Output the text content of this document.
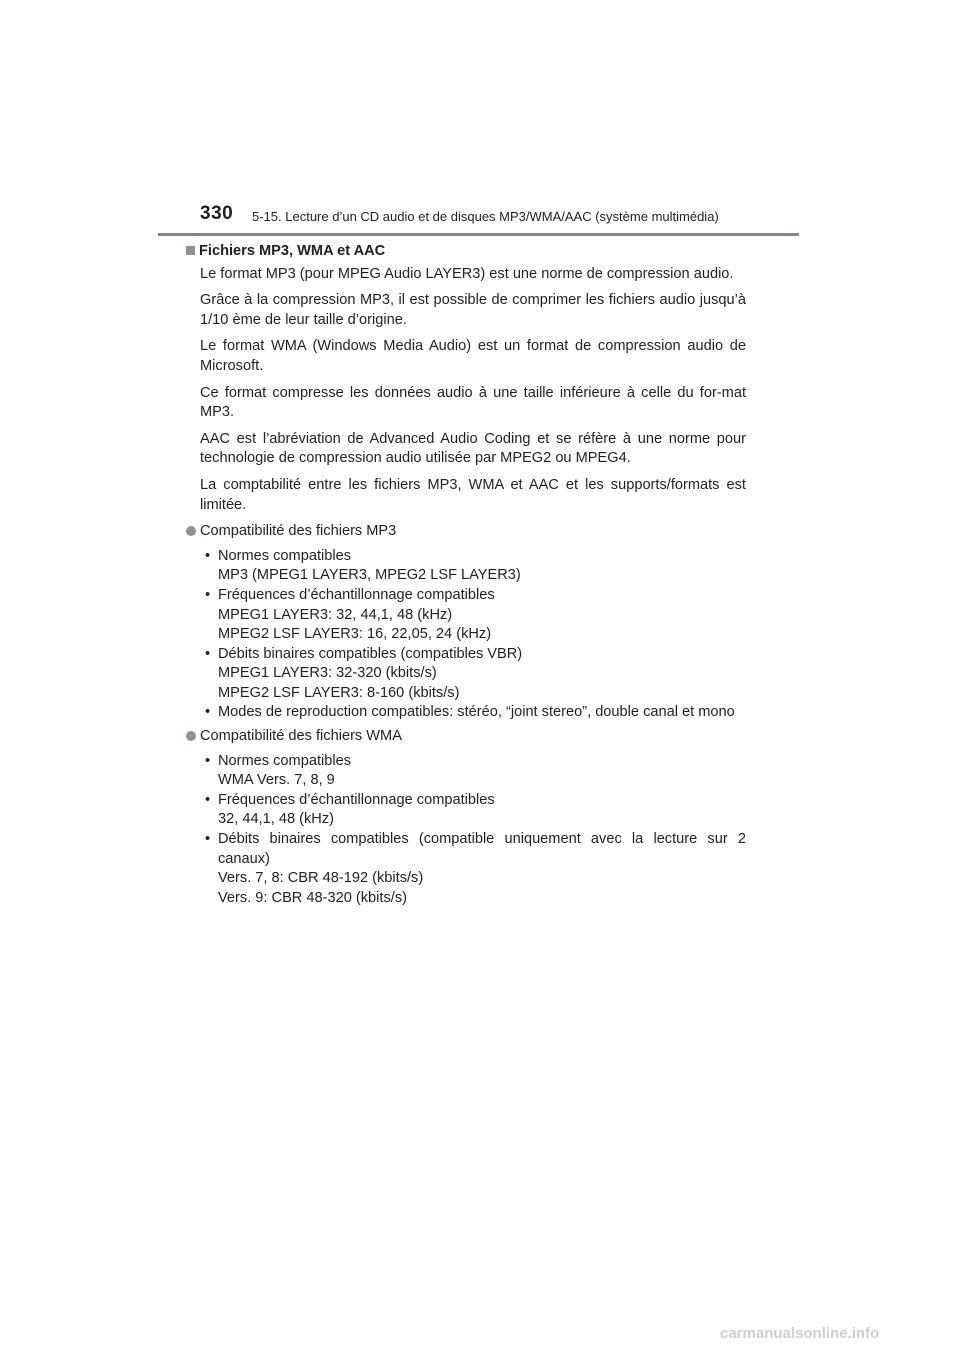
330 5-15. Lecture d’un CD audio et de disques MP3/WMA/AAC (système multimédia)
Fichiers MP3, WMA et AAC

Le format MP3 (pour MPEG Audio LAYER3) est une norme de compression audio.

Grâce à la compression MP3, il est possible de comprimer les fichiers audio jusqu’à 1/10 ème de leur taille d’origine.

Le format WMA (Windows Media Audio) est un format de compression audio de Microsoft.

Ce format compresse les données audio à une taille inférieure à celle du for-mat MP3.

AAC est l’abréviation de Advanced Audio Coding et se réfère à une norme pour technologie de compression audio utilisée par MPEG2 ou MPEG4.

La comptabilité entre les fichiers MP3, WMA et AAC et les supports/formats est limitée.

Compatibilité des fichiers MP3
• Normes compatibles
MP3 (MPEG1 LAYER3, MPEG2 LSF LAYER3)
• Fréquences d’échantillonnage compatibles
MPEG1 LAYER3: 32, 44,1, 48 (kHz)
MPEG2 LSF LAYER3: 16, 22,05, 24 (kHz)
• Débits binaires compatibles (compatibles VBR)
MPEG1 LAYER3: 32-320 (kbits/s)
MPEG2 LSF LAYER3: 8-160 (kbits/s)
• Modes de reproduction compatibles: stéréo, “joint stereo”, double canal et mono
Compatibilité des fichiers WMA
• Normes compatibles
WMA Vers. 7, 8, 9
• Fréquences d’échantillonnage compatibles
32, 44,1, 48 (kHz)
• Débits binaires compatibles (compatible uniquement avec la lecture sur 2 canaux)
Vers. 7, 8: CBR 48-192 (kbits/s)
Vers. 9: CBR 48-320 (kbits/s)
carmanualsonline.info
